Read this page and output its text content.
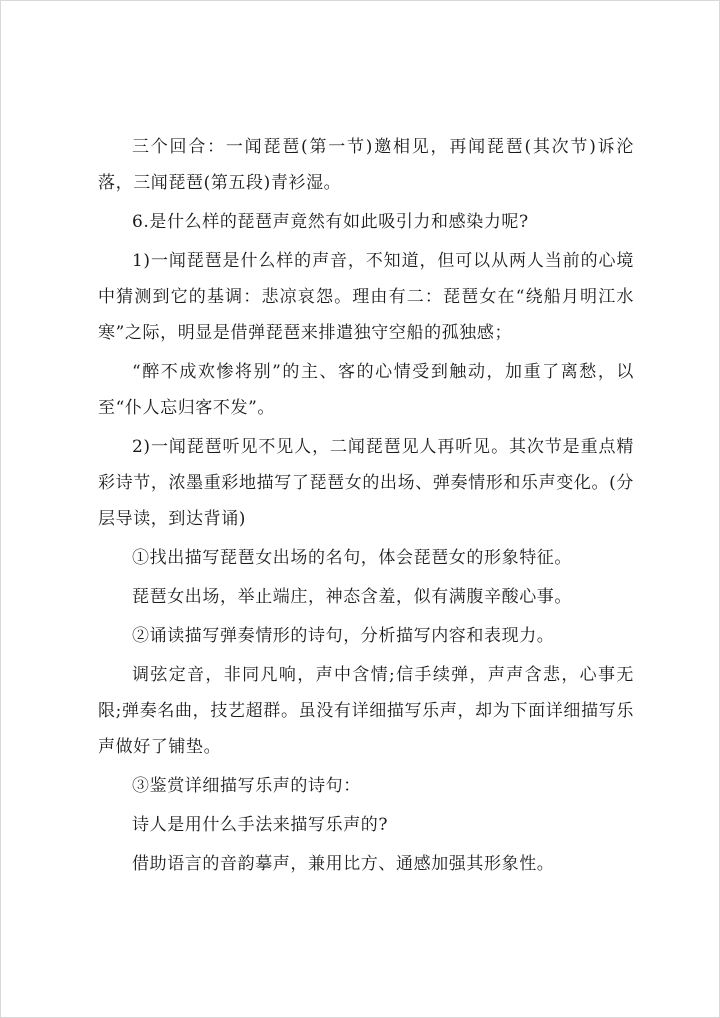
三个回合：一闻琵琶(第一节)邀相见，再闻琵琶(其次节)诉沦落，三闻琵琶(第五段)青衫湿。

6.是什么样的琵琶声竟然有如此吸引力和感染力呢?

1)一闻琵琶是什么样的声音，不知道，但可以从两人当前的心境中猜测到它的基调：悲凉哀怨。理由有二：琵琶女在“绕船月明江水寒”之际，明显是借弹琵琶来排遣独守空船的孤独感；

“醉不成欢惨将别”的主、客的心情受到触动，加重了离愁，以至“仆人忘归客不发”。

2)一闻琵琶听见不见人，二闻琵琶见人再听见。其次节是重点精彩诗节，浓墨重彩地描写了琵琶女的出场、弹奏情形和乐声变化。(分层导读，到达背诵)

①找出描写琵琶女出场的名句，体会琵琶女的形象特征。

琵琶女出场，举止端庄，神态含羞，似有满腹辛酸心事。

②诵读描写弹奏情形的诗句，分析描写内容和表现力。

调弦定音，非同凡响，声中含情;信手续弹，声声含悲，心事无限;弹奏名曲，技艺超群。虽没有详细描写乐声，却为下面详细描写乐声做好了铺垫。

③鉴赏详细描写乐声的诗句：

诗人是用什么手法来描写乐声的?

借助语言的音韵摹声，兼用比方、通感加强其形象性。
